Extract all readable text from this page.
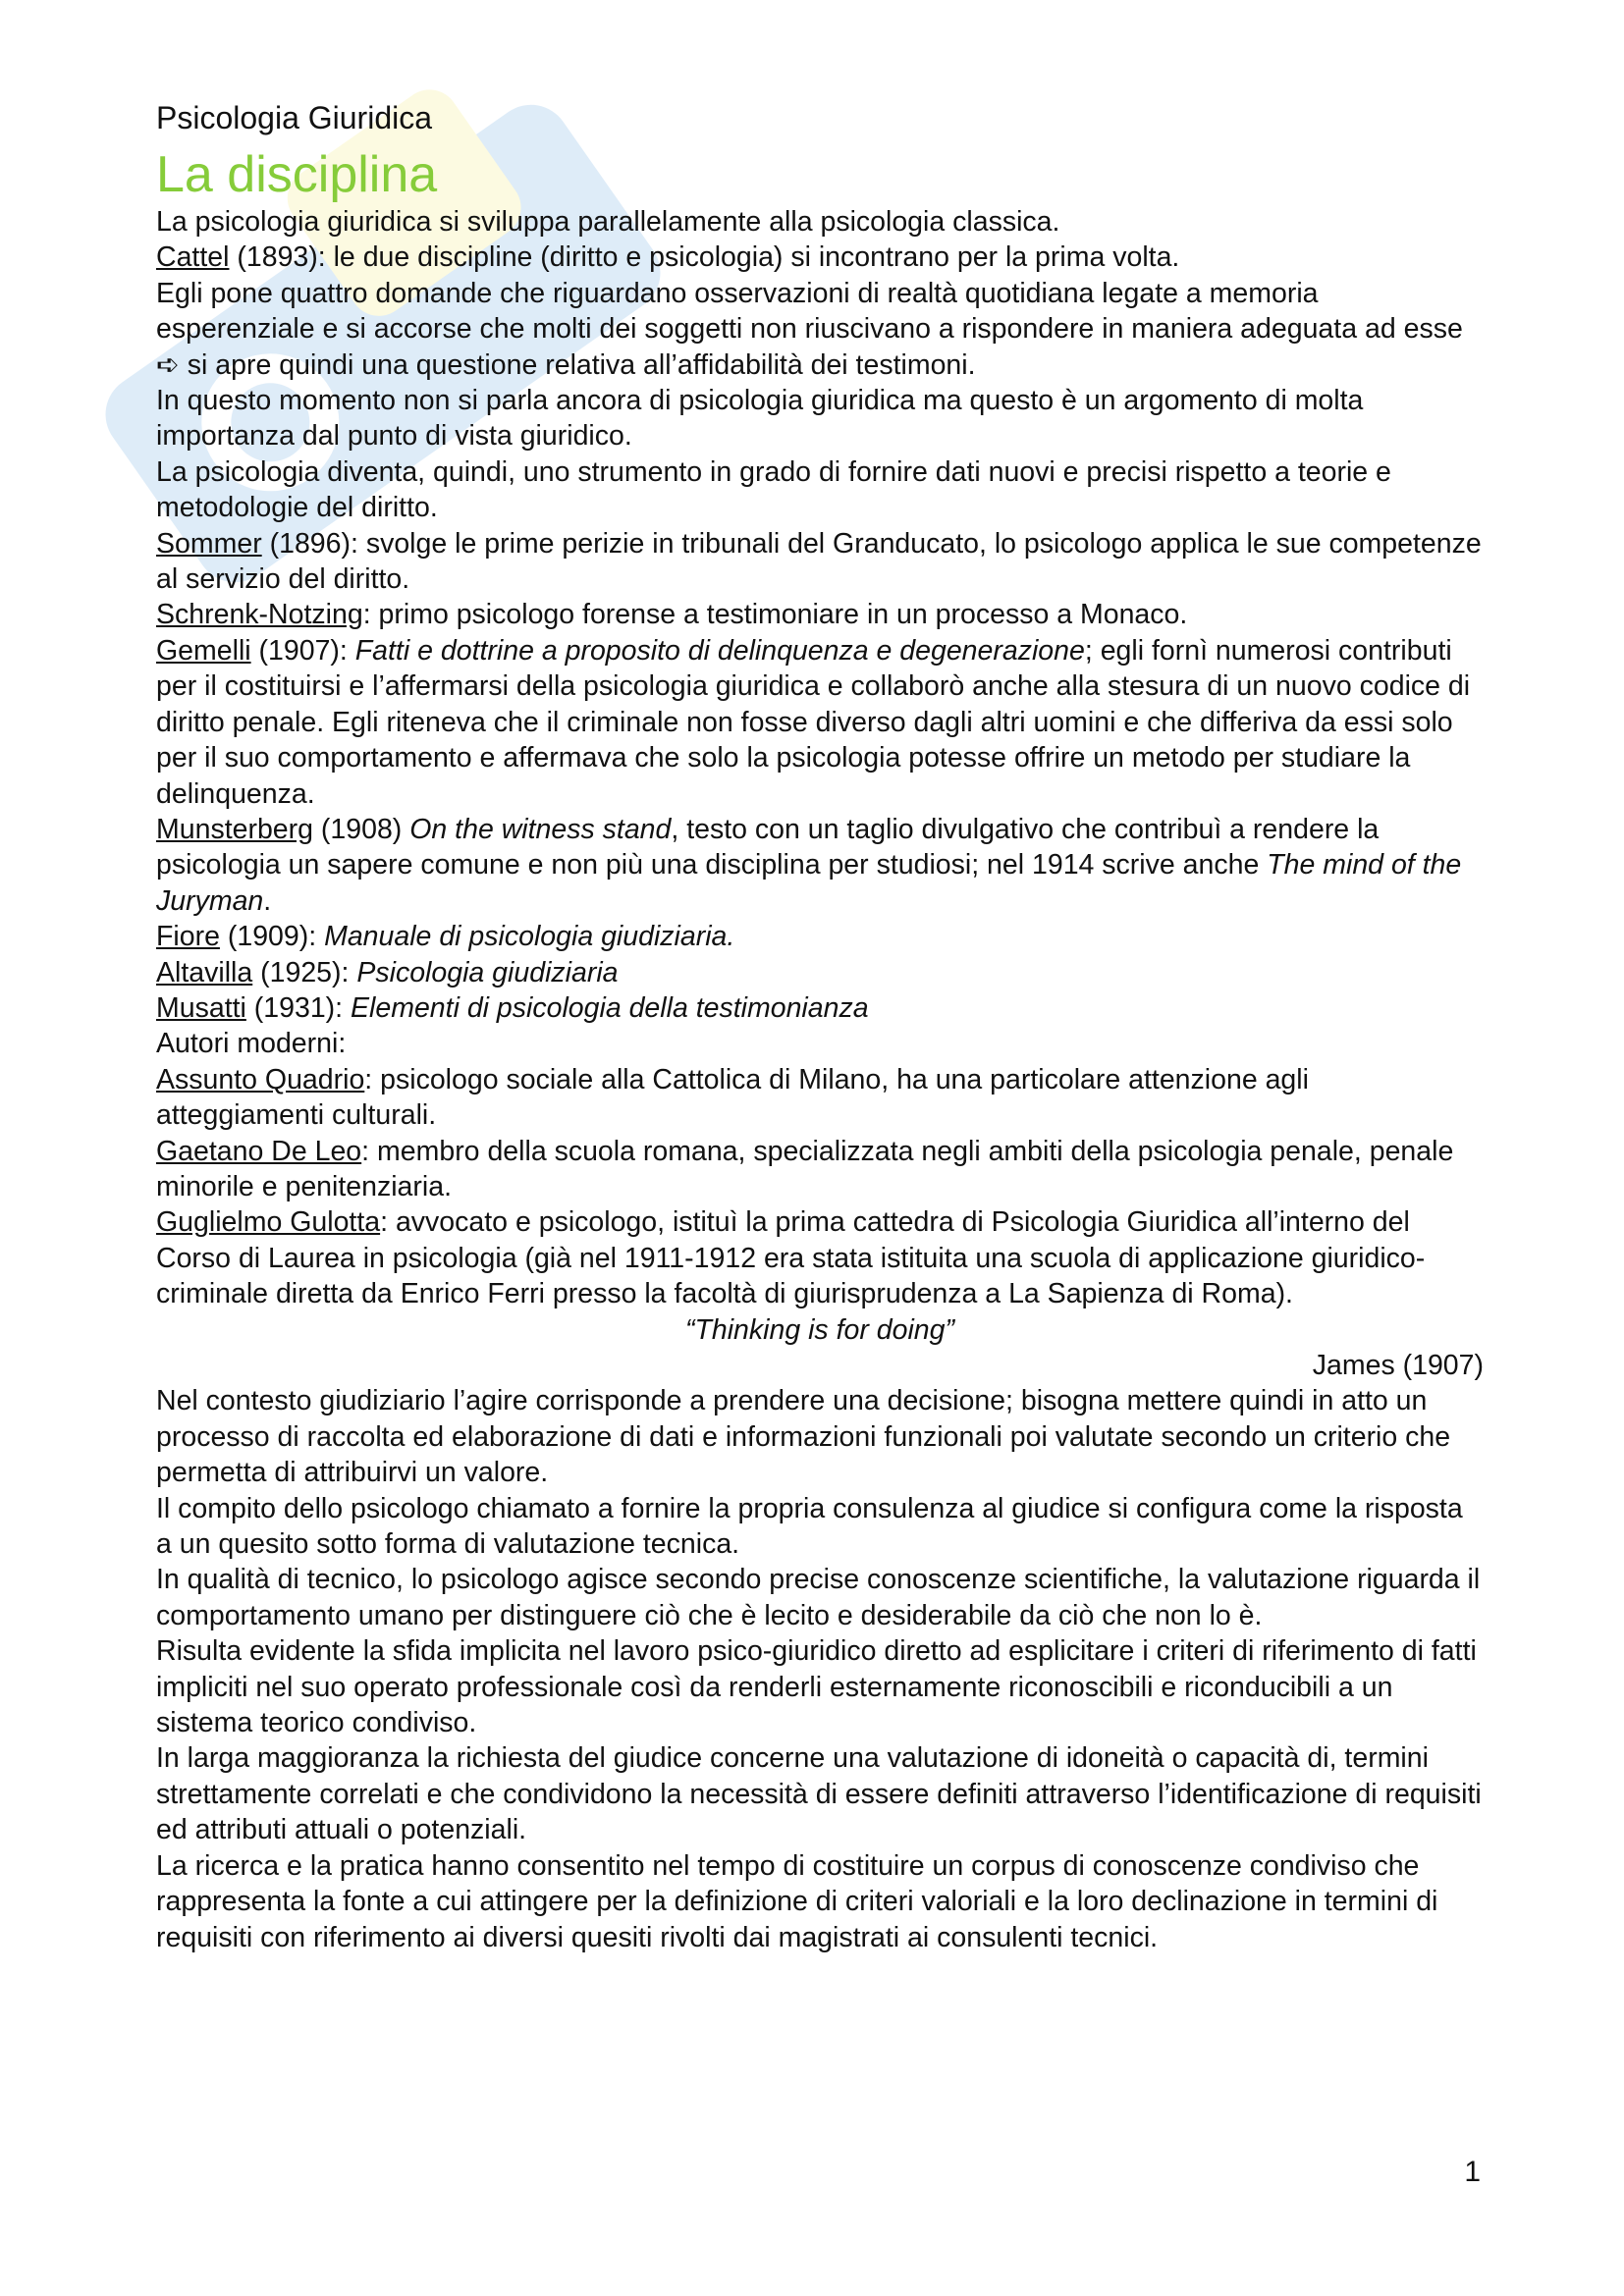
Psicologia Giuridica
La disciplina

La psicologia giuridica si sviluppa parallelamente alla psicologia classica.

Cattel (1893): le due discipline (diritto e psicologia) si incontrano per la prima volta.

Egli pone quattro domande che riguardano osservazioni di realtà quotidiana legate a memoria esperenziale e si accorse che molti dei soggetti non riuscivano a rispondere in maniera adeguata ad esse ➪ si apre quindi una questione relativa all’affidabilità dei testimoni.

In questo momento non si parla ancora di psicologia giuridica ma questo è un argomento di molta importanza dal punto di vista giuridico.

La psicologia diventa, quindi, uno strumento in grado di fornire dati nuovi e precisi rispetto a teorie e metodologie del diritto.

Sommer (1896): svolge le prime perizie in tribunali del Granducato, lo psicologo applica le sue competenze al servizio del diritto.

Schrenk-Notzing: primo psicologo forense a testimoniare in un processo a Monaco.

Gemelli (1907): Fatti e dottrine a proposito di delinquenza e degenerazione; egli fornì numerosi contributi per il costituirsi e l’affermarsi della psicologia giuridica e collaborò anche alla stesura di un nuovo codice di diritto penale. Egli riteneva che il criminale non fosse diverso dagli altri uomini e che differiva da essi solo per il suo comportamento e affermava che solo la psicologia potesse offrire un metodo per studiare la delinquenza.

Munsterberg (1908) On the witness stand, testo con un taglio divulgativo che contribuì a rendere la psicologia un sapere comune e non più una disciplina per studiosi; nel 1914 scrive anche The mind of the Juryman.

Fiore (1909): Manuale di psicologia giudiziaria.

Altavilla (1925): Psicologia giudiziaria

Musatti (1931): Elementi di psicologia della testimonianza

Autori moderni:

Assunto Quadrio: psicologo sociale alla Cattolica di Milano, ha una particolare attenzione agli atteggiamenti culturali.

Gaetano De Leo: membro della scuola romana, specializzata negli ambiti della psicologia penale, penale minorile e penitenziaria.

Guglielmo Gulotta: avvocato e psicologo, istituì la prima cattedra di Psicologia Giuridica all’interno del Corso di Laurea in psicologia (già nel 1911-1912 era stata istituita una scuola di applicazione giuridico-criminale diretta da Enrico Ferri presso la facoltà di giurisprudenza a La Sapienza di Roma).

“Thinking is for doing”

James (1907)

Nel contesto giudiziario l’agire corrisponde a prendere una decisione; bisogna mettere quindi in atto un processo di raccolta ed elaborazione di dati e informazioni funzionali poi valutate secondo un criterio che permetta di attribuirvi un valore.

Il compito dello psicologo chiamato a fornire la propria consulenza al giudice si configura come la risposta a un quesito sotto forma di valutazione tecnica.

In qualità di tecnico, lo psicologo agisce secondo precise conoscenze scientifiche, la valutazione riguarda il comportamento umano per distinguere ciò che è lecito e desiderabile da ciò che non lo è.

Risulta evidente la sfida implicita nel lavoro psico-giuridico diretto ad esplicitare i criteri di riferimento di fatti impliciti nel suo operato professionale così da renderli esternamente riconoscibili e riconducibili a un sistema teorico condiviso.

In larga maggioranza la richiesta del giudice concerne una valutazione di idoneità o capacità di, termini strettamente correlati e che condividono la necessità di essere definiti attraverso l’identificazione di requisiti ed attributi attuali o potenziali.

La ricerca e la pratica hanno consentito nel tempo di costituire un corpus di conoscenze condiviso che rappresenta la fonte a cui attingere per la definizione di criteri valoriali e la loro declinazione in termini di requisiti con riferimento ai diversi quesiti rivolti dai magistrati ai consulenti tecnici.

1
